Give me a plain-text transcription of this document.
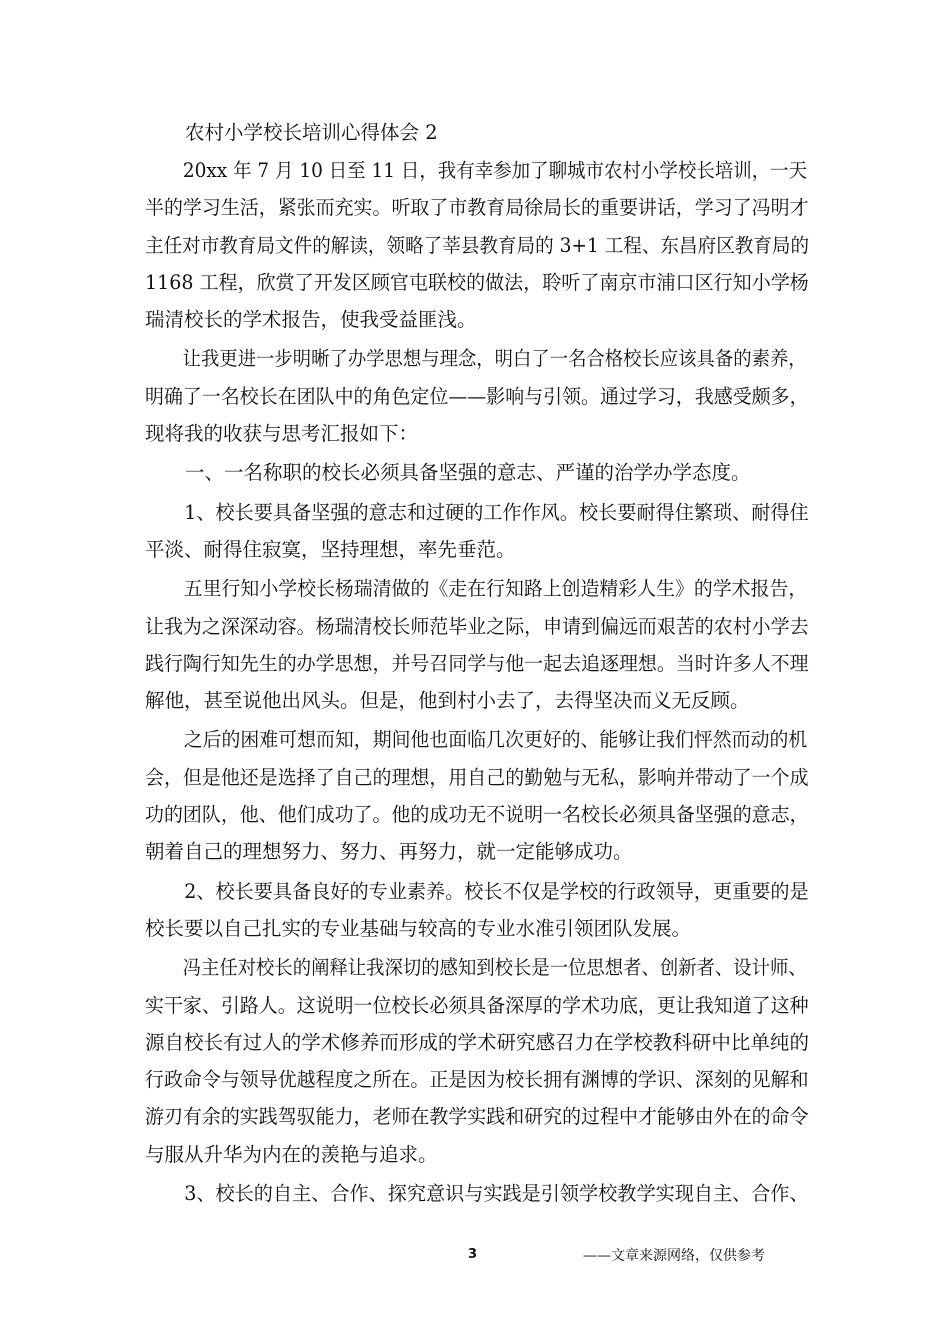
农村小学校长培训心得体会 2
20xx 年 7 月 10 日至 11 日，我有幸参加了聊城市农村小学校长培训，一天
半的学习生活，紧张而充实。听取了市教育局徐局长的重要讲话，学习了冯明才
主任对市教育局文件的解读，领略了莘县教育局的 3+1 工程、东昌府区教育局的
1168 工程，欣赏了开发区顾官屯联校的做法，聆听了南京市浦口区行知小学杨
瑞清校长的学术报告，使我受益匪浅。
让我更进一步明晰了办学思想与理念，明白了一名合格校长应该具备的素养，
明确了一名校长在团队中的角色定位——影响与引领。通过学习，我感受颇多，
现将我的收获与思考汇报如下：
一、一名称职的校长必须具备坚强的意志、严谨的治学办学态度。
1、校长要具备坚强的意志和过硬的工作作风。校长要耐得住繁琐、耐得住
平淡、耐得住寂寞，坚持理想，率先垂范。
五里行知小学校长杨瑞清做的《走在行知路上创造精彩人生》的学术报告，
让我为之深深动容。杨瑞清校长师范毕业之际，申请到偏远而艰苦的农村小学去
践行陶行知先生的办学思想，并号召同学与他一起去追逐理想。当时许多人不理
解他，甚至说他出风头。但是，他到村小去了，去得坚决而义无反顾。
之后的困难可想而知，期间他也面临几次更好的、能够让我们怦然而动的机
会，但是他还是选择了自己的理想，用自己的勤勉与无私，影响并带动了一个成
功的团队，他、他们成功了。他的成功无不说明一名校长必须具备坚强的意志，
朝着自己的理想努力、努力、再努力，就一定能够成功。
2、校长要具备良好的专业素养。校长不仅是学校的行政领导，更重要的是
校长要以自己扎实的专业基础与较高的专业水准引领团队发展。
冯主任对校长的阐释让我深切的感知到校长是一位思想者、创新者、设计师、
实干家、引路人。这说明一位校长必须具备深厚的学术功底，更让我知道了这种
源自校长有过人的学术修养而形成的学术研究感召力在学校教科研中比单纯的
行政命令与领导优越程度之所在。正是因为校长拥有渊博的学识、深刻的见解和
游刃有余的实践驾驭能力，老师在教学实践和研究的过程中才能够由外在的命令
与服从升华为内在的羡艳与追求。
3、校长的自主、合作、探究意识与实践是引领学校教学实现自主、合作、
3	——文章来源网络，仅供参考
